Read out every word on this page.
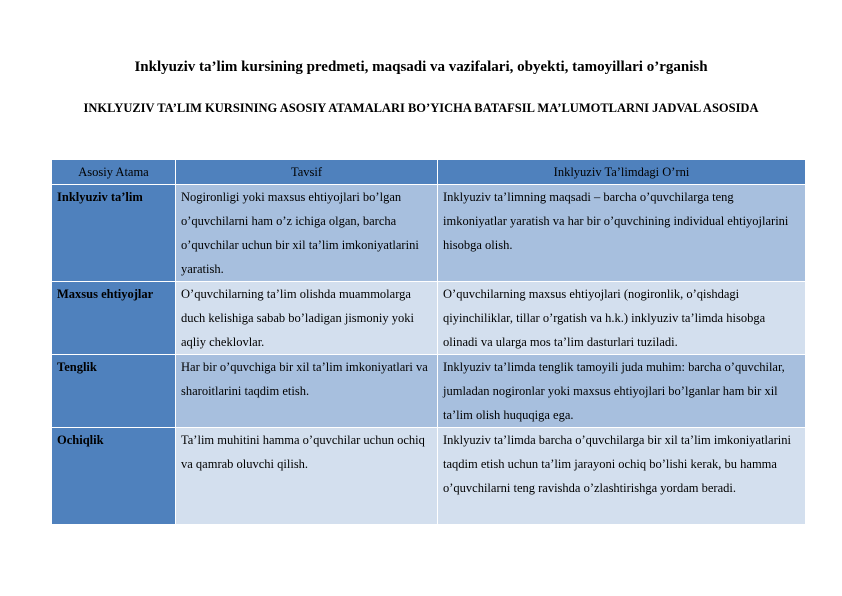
Inklyuziv ta’lim kursining predmeti, maqsadi va vazifalari, obyekti, tamoyillari o’rganish
INKLYUZIV TA’LIM KURSINING ASOSIY ATAMALARI BO’YICHA BATAFSIL MA’LUMOTLARNI JADVAL ASOSIDA
Asosiy Atama	Tavsif	Inklyuziv Ta’limdagi O’rni
Inklyuziv ta’lim	Nogironligi yoki maxsus ehtiyojlari bo’lgan o’quvchilarni ham o’z ichiga olgan, barcha o’quvchilar uchun bir xil ta’lim imkoniyatlarini yaratish.	Inklyuziv ta’limning maqsadi – barcha o’quvchilarga teng imkoniyatlar yaratish va har bir o’quvchining individual ehtiyojlarini hisobga olish.
Maxsus ehtiyojlar	O’quvchilarning ta’lim olishda muammolarga duch kelishiga sabab bo’ladigan jismoniy yoki aqliy cheklovlar.	O’quvchilarning maxsus ehtiyojlari (nogironlik, o’qishdagi qiyinchiliklar, tillar o’rgatish va h.k.) inklyuziv ta’limda hisobga olinadi va ularga mos ta’lim dasturlari tuziladi.
Tenglik	Har bir o’quvchiga bir xil ta’lim imkoniyatlari va sharoitlarini taqdim etish.	Inklyuziv ta’limda tenglik tamoyili juda muhim: barcha o’quvchilar, jumladan nogironlar yoki maxsus ehtiyojlari bo’lganlar ham bir xil ta’lim olish huquqiga ega.
Ochiqlik	Ta’lim muhitini hamma o’quvchilar uchun ochiq va qamrab oluvchi qilish.	Inklyuziv ta’limda barcha o’quvchilarga bir xil ta’lim imkoniyatlarini taqdim etish uchun ta’lim jarayoni ochiq bo’lishi kerak, bu hamma o’quvchilarni teng ravishda o’zlashtirishga yordam beradi.
